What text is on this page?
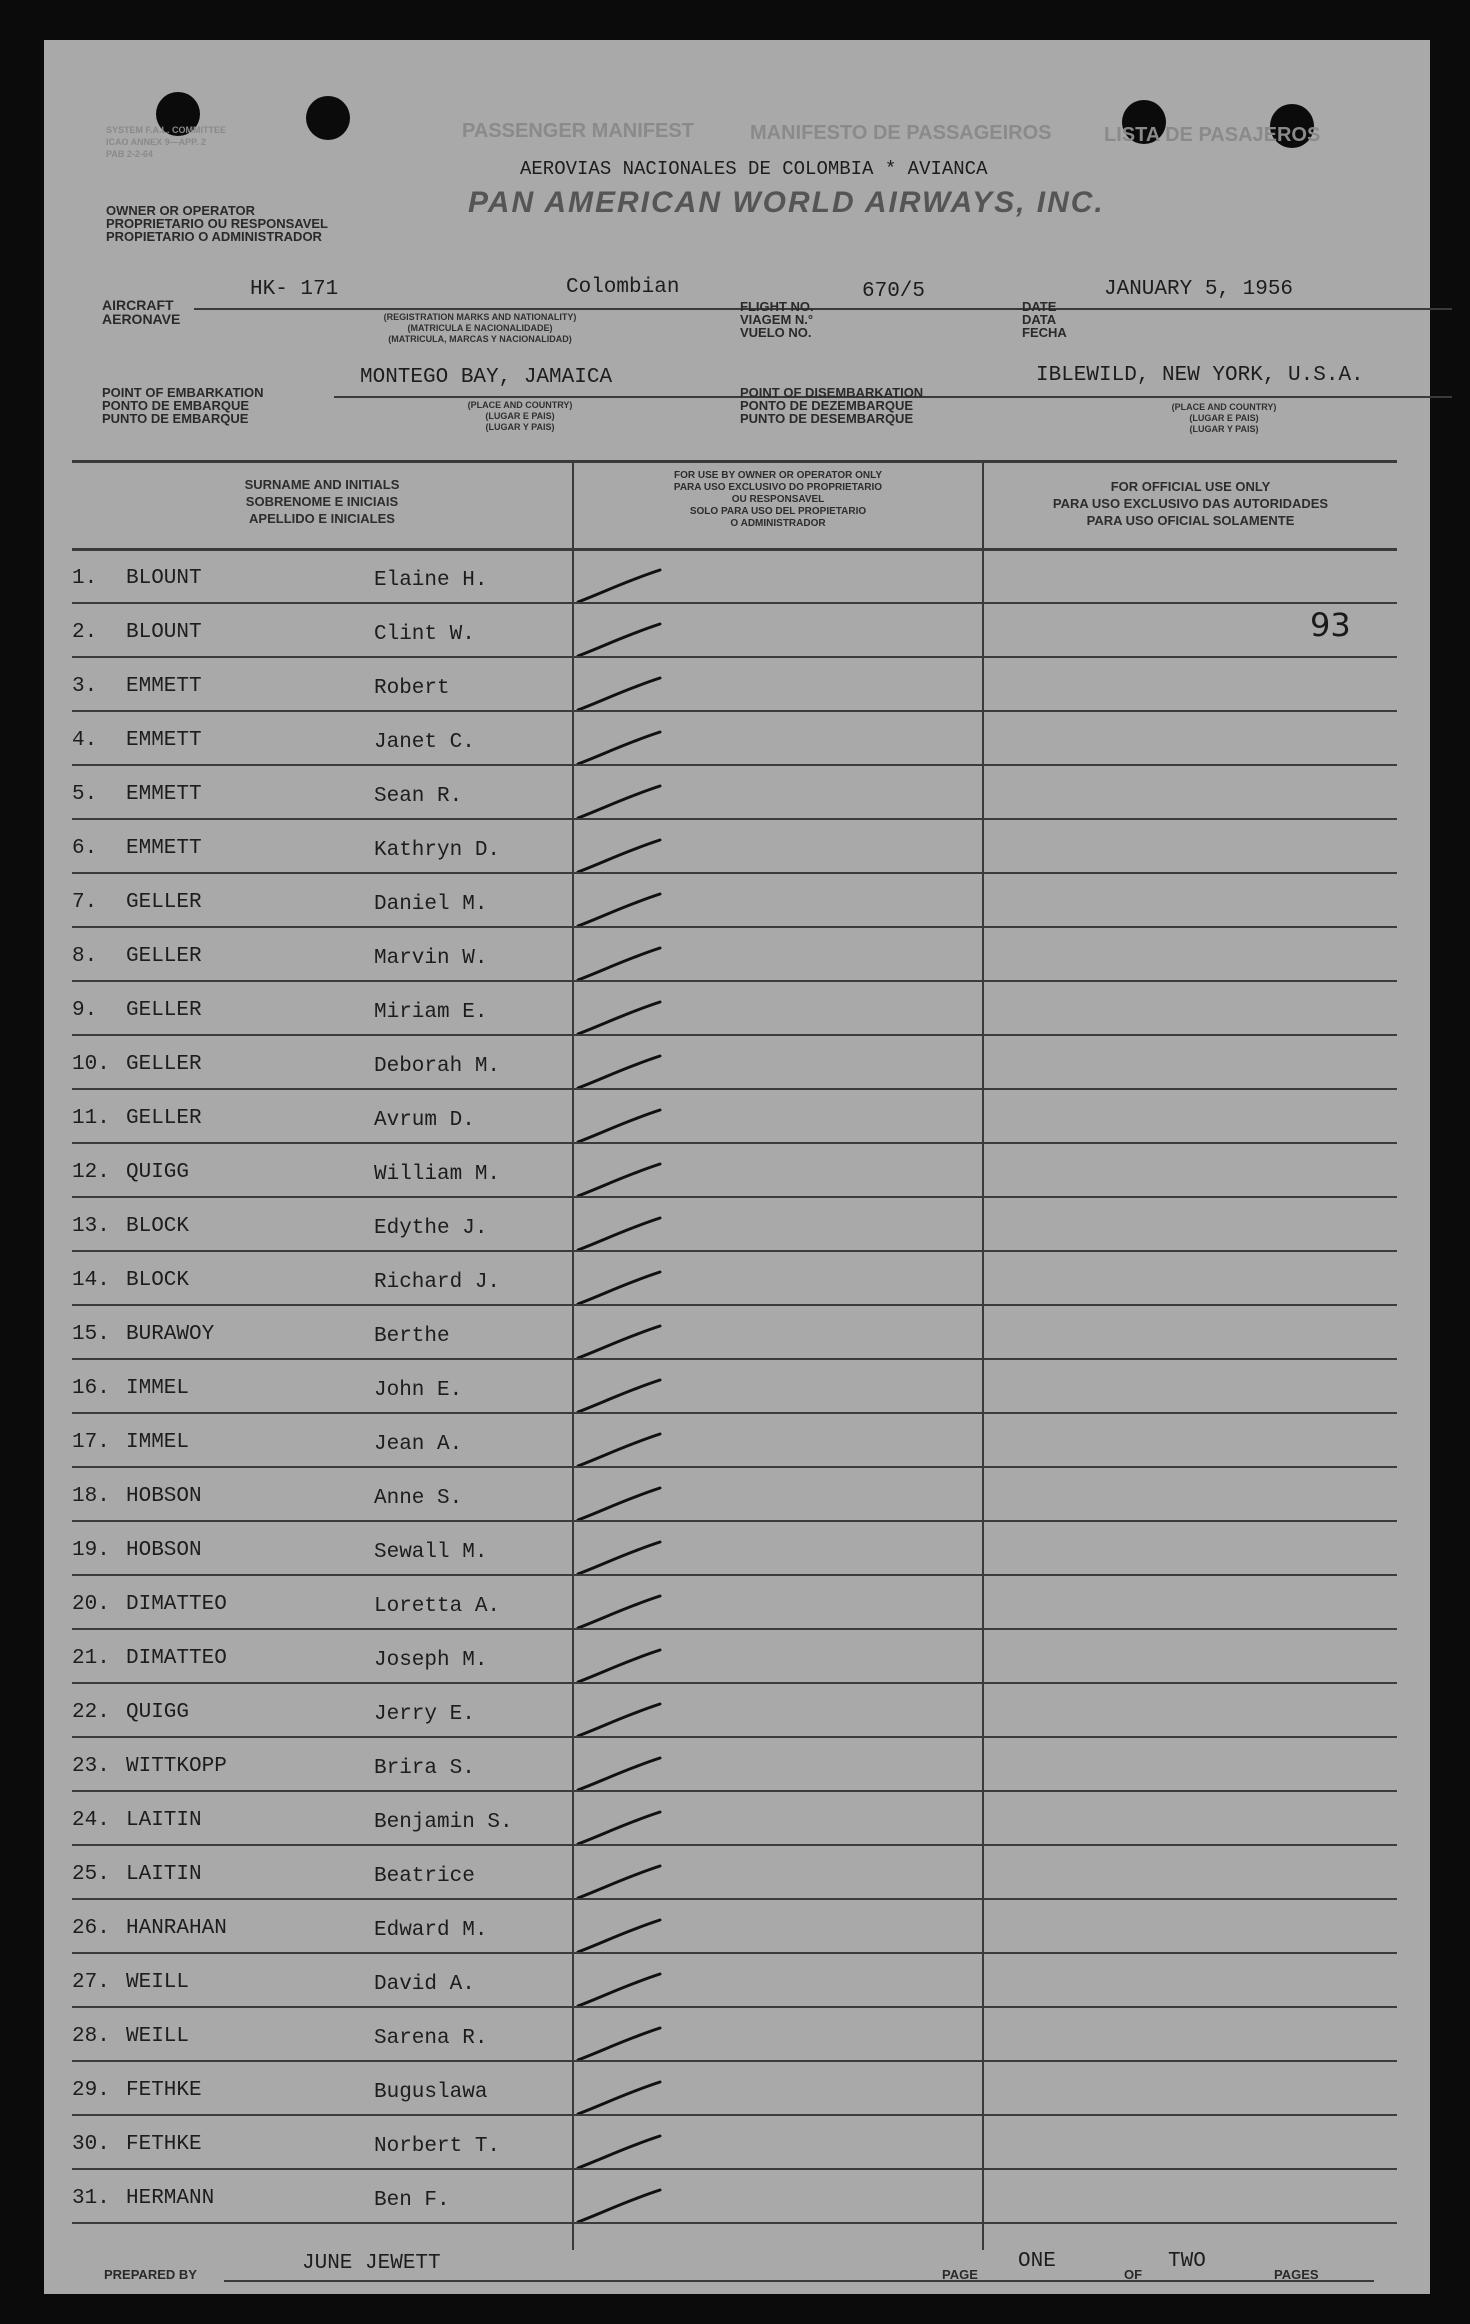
SYSTEM F.A.L. COMMITTEE
ICAO ANNEX 9—APP. 2
PAB 2-2-64
PASSENGER MANIFEST	MANIFESTO DE PASSAGEIROS	LISTA DE PASAJEROS
AEROVIAS NACIONALES DE COLOMBIA * AVIANCA
PAN AMERICAN WORLD AIRWAYS, INC.
OWNER OR OPERATOR
PROPRIETARIO OU RESPONSAVEL
PROPIETARIO O ADMINISTRADOR
AIRCRAFT
AERONAVE
HK- 171	Colombian
(REGISTRATION MARKS AND NATIONALITY)
(MATRICULA E NACIONALIDADE)
(MATRICULA, MARCAS Y NACIONALIDAD)
FLIGHT NO.
VIAGEM N.°
VUELO NO.
670/5
DATE
DATA
FECHA
JANUARY 5, 1956
POINT OF EMBARKATION
PONTO DE EMBARQUE
PUNTO DE EMBARQUE
MONTEGO BAY, JAMAICA
(PLACE AND COUNTRY)
(LUGAR E PAIS)
(LUGAR Y PAIS)
POINT OF DISEMBARKATION
PONTO DE DEZEMBARQUE
PUNTO DE DESEMBARQUE
IBLEWILD, NEW YORK, U.S.A.
(PLACE AND COUNTRY)
(LUGAR E PAIS)
(LUGAR Y PAIS)
SURNAME AND INITIALS
SOBRENOME E INICIAIS
APELLIDO E INICIALES
FOR USE BY OWNER OR OPERATOR ONLY
PARA USO EXCLUSIVO DO PROPRIETARIO
OU RESPONSAVEL
SOLO PARA USO DEL PROPIETARIO
O ADMINISTRADOR
FOR OFFICIAL USE ONLY
PARA USO EXCLUSIVO DAS AUTORIDADES
PARA USO OFICIAL SOLAMENTE
1.	BLOUNT	Elaine H.
2.	BLOUNT	Clint W.
3.	EMMETT	Robert
4.	EMMETT	Janet C.
5.	EMMETT	Sean R.
6.	EMMETT	Kathryn D.
7.	GELLER	Daniel M.
8.	GELLER	Marvin W.
9.	GELLER	Miriam E.
10. GELLER	Deborah M.
11. GELLER	Avrum D.
12. QUIGG	William M.
13. BLOCK	Edythe J.
14. BLOCK	Richard J.
15. BURAWOY	Berthe
16. IMMEL	John E.
17. IMMEL	Jean A.
18. HOBSON	Anne S.
19. HOBSON	Sewall M.
20. DIMATTEO	Loretta A.
21. DIMATTEO	Joseph M.
22. QUIGG	Jerry E.
23. WITTKOPP	Brira S.
24. LAITIN	Benjamin S.
25. LAITIN	Beatrice
26. HANRAHAN	Edward M.
27. WEILL	David A.
28. WEILL	Sarena R.
29. FETHKE	Buguslawa
30. FETHKE	Norbert T.
31. HERMANN	Ben F.
93
PREPARED BY	JUNE JEWETT	PAGE
ONE
OF
TWO
PAGES
